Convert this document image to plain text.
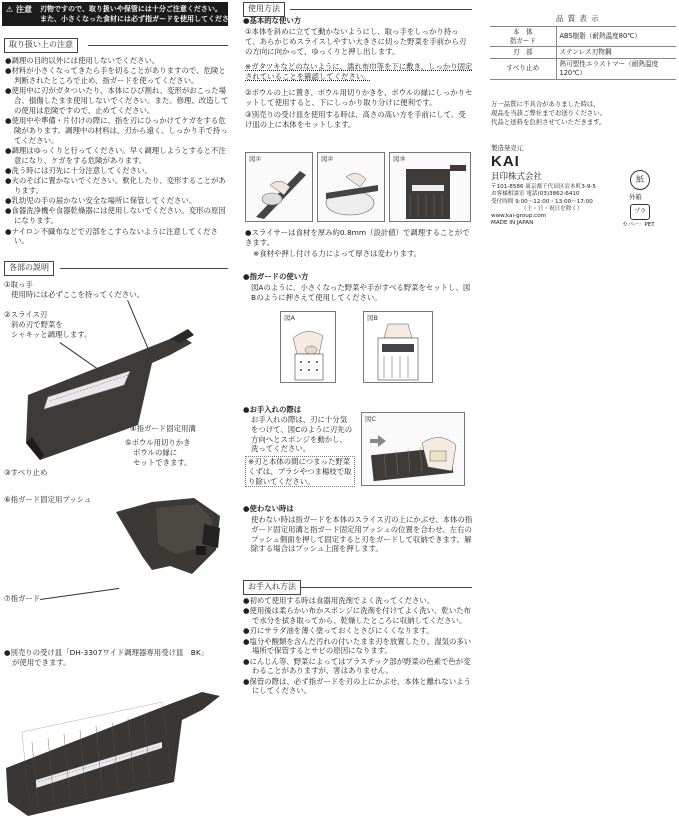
⚠ 注意 刃物ですので、取り扱いや保管には十分ご注意ください。
また、小さくなった食材には必ず指ガードを使用してください。
取り扱い上の注意
●調理の目的以外には使用しないでください。
●材料が小さくなってきたら手を切ることがありますので、危険と判断されたところで止め、指ガードを使ってください。
●使用中に刃がガタついたり、本体にひび割れ、変形がおこった場合、損傷したまま使用しないでください。また、修理、改造しての使用は危険ですので、止めてください。
●使用中や準備・片付けの際に、指を刃にひっかけてケガをする危険があります。調理中の材料は、刃から遠く、しっかり手で持ってください。
●調理はゆっくりと行ってください。早く調理しようとすると不注意になり、ケガをする危険があります。
●洗う時には刃先に十分注意してください。
●火のそばに置かないでください。軟化したり、変形することがあります。
●乳幼児の手の届かない安全な場所に保管してください。
●食器洗浄機や食器乾燥器には使用しないでください。変形の原因になります。
●ナイロン不織布などで刃部をこすらないように注意してください。
各部の説明
①取っ手
使用時には必ずここを持ってください。
②スライス刃
斜め刃で野菜を
シャキッと調理します。
④指ガード固定用溝
⑤ボウル用切りかき
ボウルの縁に
セットできます。
③すべり止め
⑥指ガード固定用プッシュ
⑦指ガード
●別売りの受け皿「DH-3307ワイド調理器専用受け皿　BK」
が使用できます。
使用方法
●基本的な使い方
①本体を斜めに立てて動かないようにし、取っ手をしっかり持って、あらかじめスライスしやすい大きさに切った野菜を手前から刃の方向に向かって、ゆっくりと押し出します。
※ガタツキなどのないように、濡れ布巾等を下に敷き、しっかり固定されていることを確認してください。
②ボウルの上に置き、ボウル用切りかきを、ボウルの縁にしっかりセットして使用すると、下にしっかり取り分けに便利です。
③別売りの受け皿を使用する時は、高さの高い方を手前にして、受け皿の上に本体をセットします。
図①	図②	図③
●スライサーは食材を厚み約0.8mm（設計値）で調理することができます。
※食材や押し付ける力によって厚さは変わります。
●指ガードの使い方
図Aのように、小さくなった野菜や手がすべる野菜をセットし、図Bのように押さえて使用してください。
図A	図B
●お手入れの際は
お手入れの際は、刃に十分気をつけて、図Cのように刃先の方向へとスポンジを動かし、洗ってください。
※刃と本体の間につまった野菜くずは、ブラシやつま楊枝で取り除いてください。
図C
●使わない時は
使わない時は指ガードを本体のスライス刃の上にかぶせ、本体の指ガード固定用溝と指ガード固定用プッシュの位置を合わせ、左右のプッシュ側面を押して固定すると刃をガードして収納できます。解除する場合はプッシュ上面を押します。
お手入れ方法
●初めて使用する時は食器用洗剤でよく洗ってください。
●使用後は柔らかい布かスポンジに洗剤を付けてよく洗い、乾いた布で水分を拭き取ってから、乾燥したところに収納してください。
●刃にサラダ油を薄く塗っておくとさびにくくなります。
●塩分や酸類を含んだ汚れの付いたまま刃を放置したり、湿気の多い場所で保管するとサビの原因になります。
●にんじん等、野菜によってはプラスチック部が野菜の色素で色が変わることがありますが、害はありません。
●保管の際は、必ず指ガードを刃の上にかぶせ、本体と離れないようにしてください。
品 質 表 示
本　体
指ガード	ABS樹脂（耐熱温度80℃）
刃　部	ステンレス刃物鋼
すべり止め	熱可塑性エラストマー（耐熱温度120℃）
万一品質に不具合がありました時は、
現品を当該ご弊社までお送りください。
代品と送料を負担させていただきます。
製造発売元
KAI
貝印株式会社
〒101-8586 東京都千代田区岩本町3-9-5
お客様相談室 電話(03)3862-6410
受付時間 9:00～12:00・13:00～17:00
（土・日・祝日を除く）
www.kai-group.com
MADE IN JAPAN
紙
外箱
プラ
カバー：PET
